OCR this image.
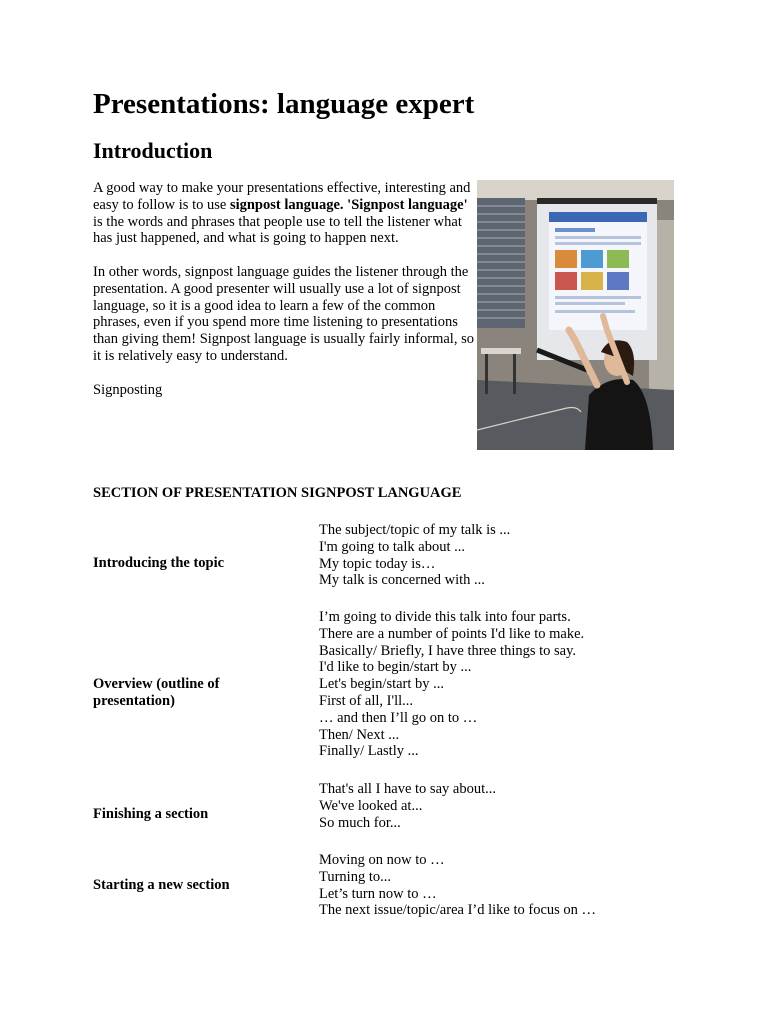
Presentations: language expert
Introduction

A good way to make your presentations effective, interesting and easy to follow is to use signpost language. 'Signpost language' is the words and phrases that people use to tell the listener what has just happened, and what is going to happen next.

In other words, signpost language guides the listener through the presentation. A good presenter will usually use a lot of signpost language, so it is a good idea to learn a few of the common phrases, even if you spend more time listening to presentations than giving them! Signpost language is usually fairly informal, so it is relatively easy to understand.

Signposting

SECTION OF PRESENTATION SIGNPOST LANGUAGE
Introducing the topic
The subject/topic of my talk is ...
I'm going to talk about ...
My topic today is…
My talk is concerned with ...
Overview (outline of presentation)
I’m going to divide this talk into four parts.
There are a number of points I'd like to make.
Basically/ Briefly, I have three things to say.
I'd like to begin/start by ...
Let's begin/start by ...
First of all, I'll...
… and then I’ll go on to …
Then/ Next ...
Finally/ Lastly ...
Finishing a section
That's all I have to say about...
We've looked at...
So much for...
Starting a new section
Moving on now to …
Turning to...
Let’s turn now to …
The next issue/topic/area I’d like to focus on …
